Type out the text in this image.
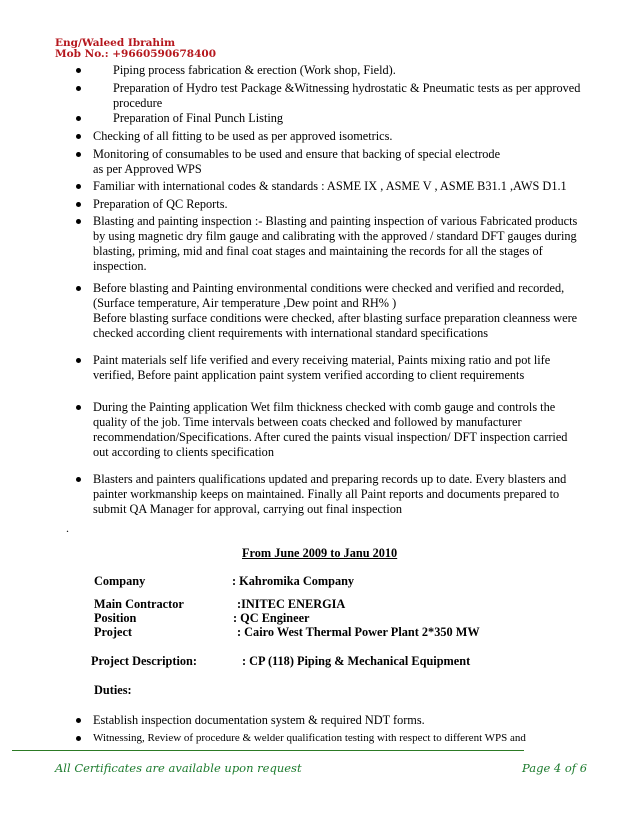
Eng/Waleed Ibrahim
Mob No.: +9660590678400
Piping process fabrication & erection (Work shop, Field).
Preparation of Hydro test Package &Witnessing hydrostatic & Pneumatic tests as per approved
procedure
Preparation of Final Punch Listing
Checking of all fitting to be used as per approved isometrics.
Monitoring of consumables to be used and ensure that backing of special electrode
as per Approved WPS
Familiar with international codes & standards : ASME IX , ASME V , ASME B31.1 ,AWS D1.1
Preparation of QC Reports.
Blasting and painting inspection :- Blasting and painting inspection of various Fabricated products
by using magnetic dry film gauge and calibrating with the approved / standard DFT gauges during
blasting, priming, mid and final coat stages and maintaining the records for all the stages of
inspection.
Before blasting and Painting environmental conditions were checked and verified and recorded,
(Surface temperature, Air temperature ,Dew point and RH% )
Before blasting surface conditions were checked, after blasting surface preparation cleanness were
checked according client requirements with international standard specifications
Paint materials self life verified and every receiving material, Paints mixing ratio and pot life
verified, Before paint application paint system verified according to client requirements
During the Painting application Wet film thickness checked with comb gauge and controls the
quality of the job. Time intervals between coats checked and followed by manufacturer
recommendation/Specifications. After cured the paints visual inspection/ DFT inspection carried
out according to clients specification
Blasters and painters qualifications updated and preparing records up to date. Every blasters and
painter workmanship keeps on maintained. Finally all Paint reports and documents prepared to
submit QA Manager for approval, carrying out final inspection
.
From June 2009 to Janu 2010
Company	: Kahromika Company
Main Contractor	:INITEC ENERGIA
Position	: QC Engineer
Project	: Cairo West Thermal Power Plant 2*350 MW
Project Description:	: CP (118) Piping & Mechanical Equipment
Duties:
Establish inspection documentation system & required NDT forms.
Witnessing, Review of procedure & welder qualification testing with respect to different WPS and
All Certificates are available upon request	Page 4 of 6
